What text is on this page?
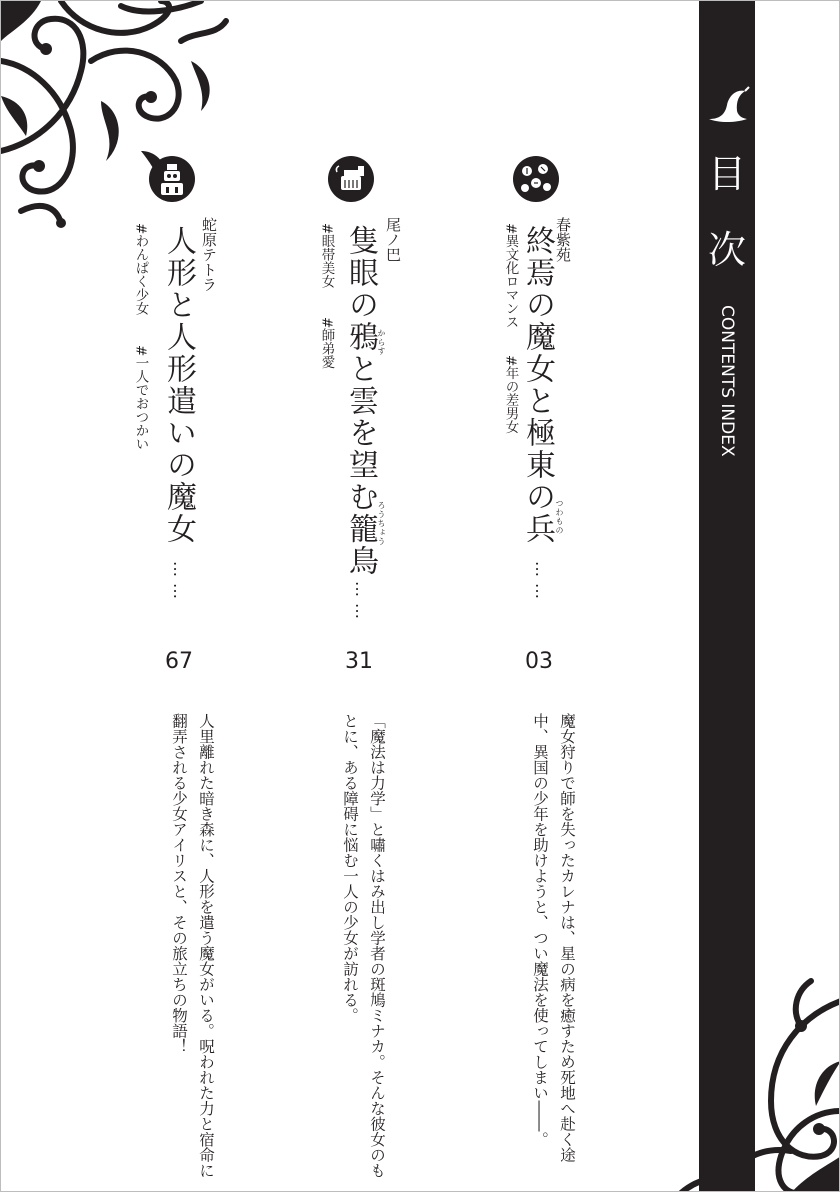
目
次
CONTENTS INDEX
春紫苑
終焉の魔女と極東の兵 つわもの
#異文化ロマンス
#年の差男女
……
03
魔女狩りで師を失ったカレナは、星の病を癒すため死地へ赴く途中、異国の少年を助けようと、つい魔法を使ってしまい――。
尾ノ巴
隻眼の鴉と雲を望む籠鳥 からす
ろうちょう
#眼帯美女
#師弟愛
……
31
「魔法は力学」と嘯くはみ出し学者の斑鳩ミナカ。そんな彼女のもとに、ある障碍に悩む一人の少女が訪れる。
蛇原テトラ
人形と人形遣いの魔女
#わんぱく少女
#一人でおつかい
……
67
人里離れた暗き森に、人形を遣う魔女がいる。呪われた力と宿命に翻弄される少女アイリスと、その旅立ちの物語！
